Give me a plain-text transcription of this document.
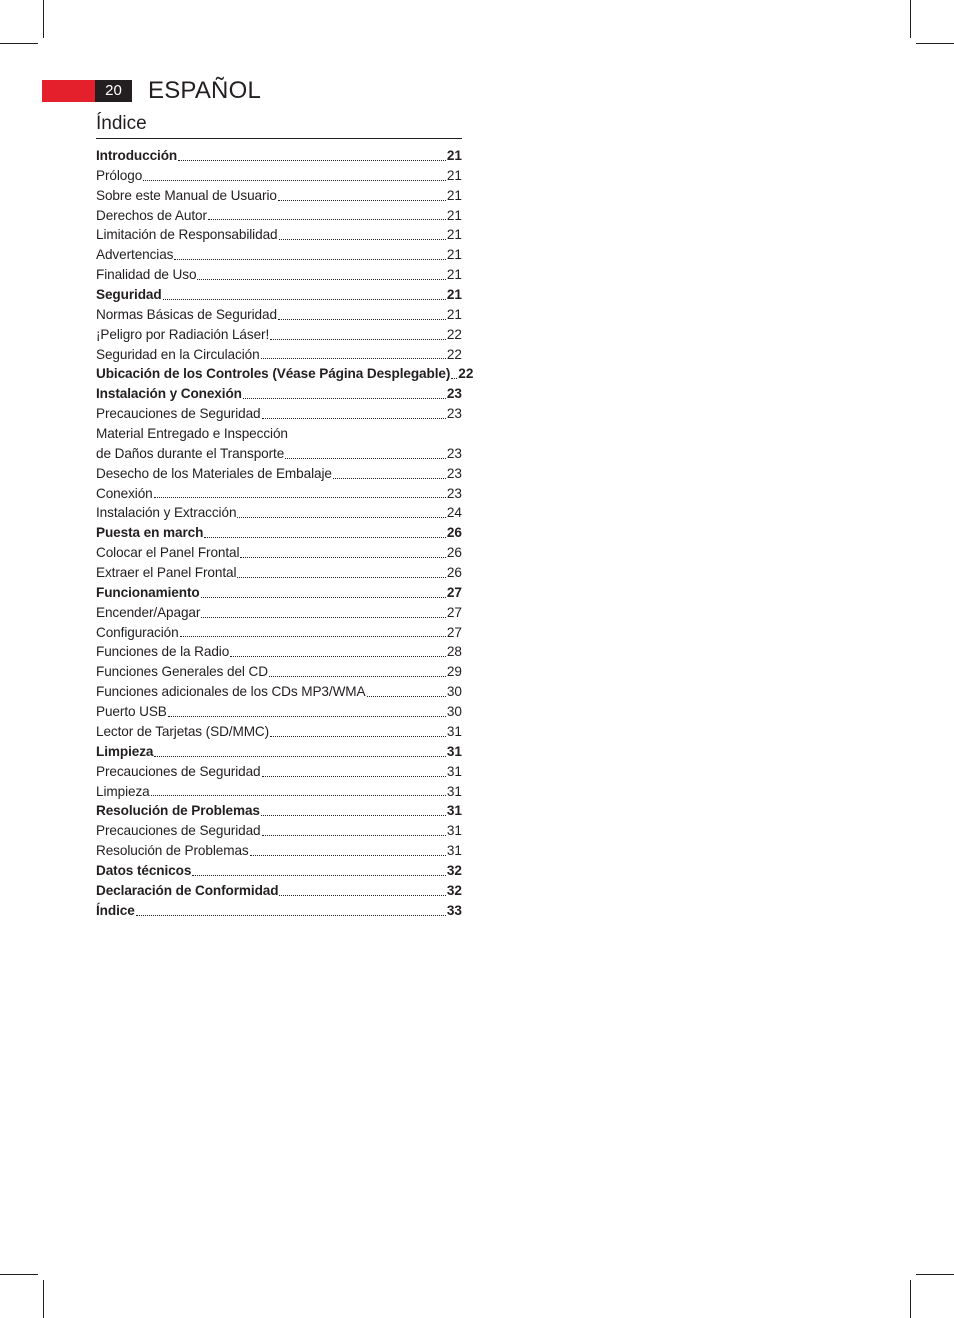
20	ESPAÑOL
Índice
Introducción	21
Prólogo	21
Sobre este Manual de Usuario	21
Derechos de Autor	21
Limitación de Responsabilidad	21
Advertencias	21
Finalidad de Uso	21
Seguridad	21
Normas Básicas de Seguridad	21
¡Peligro por Radiación Láser!	22
Seguridad en la Circulación	22
Ubicación de los Controles (Véase Página Desplegable) 22
Instalación y Conexión	23
Precauciones de Seguridad	23
Material Entregado e Inspección
de Daños durante el Transporte	23
Desecho de los Materiales de Embalaje	23
Conexión	23
Instalación y Extracción	24
Puesta en march	26
Colocar el Panel Frontal	26
Extraer el Panel Frontal	26
Funcionamiento	27
Encender/Apagar	27
Configuración	27
Funciones de la Radio	28
Funciones Generales del CD	29
Funciones adicionales de los CDs MP3/WMA	30
Puerto USB	30
Lector de Tarjetas (SD/MMC)	31
Limpieza	31
Precauciones de Seguridad	31
Limpieza	31
Resolución de Problemas	31
Precauciones de Seguridad	31
Resolución de Problemas	31
Datos técnicos	32
Declaración de Conformidad	32
Índice	33
